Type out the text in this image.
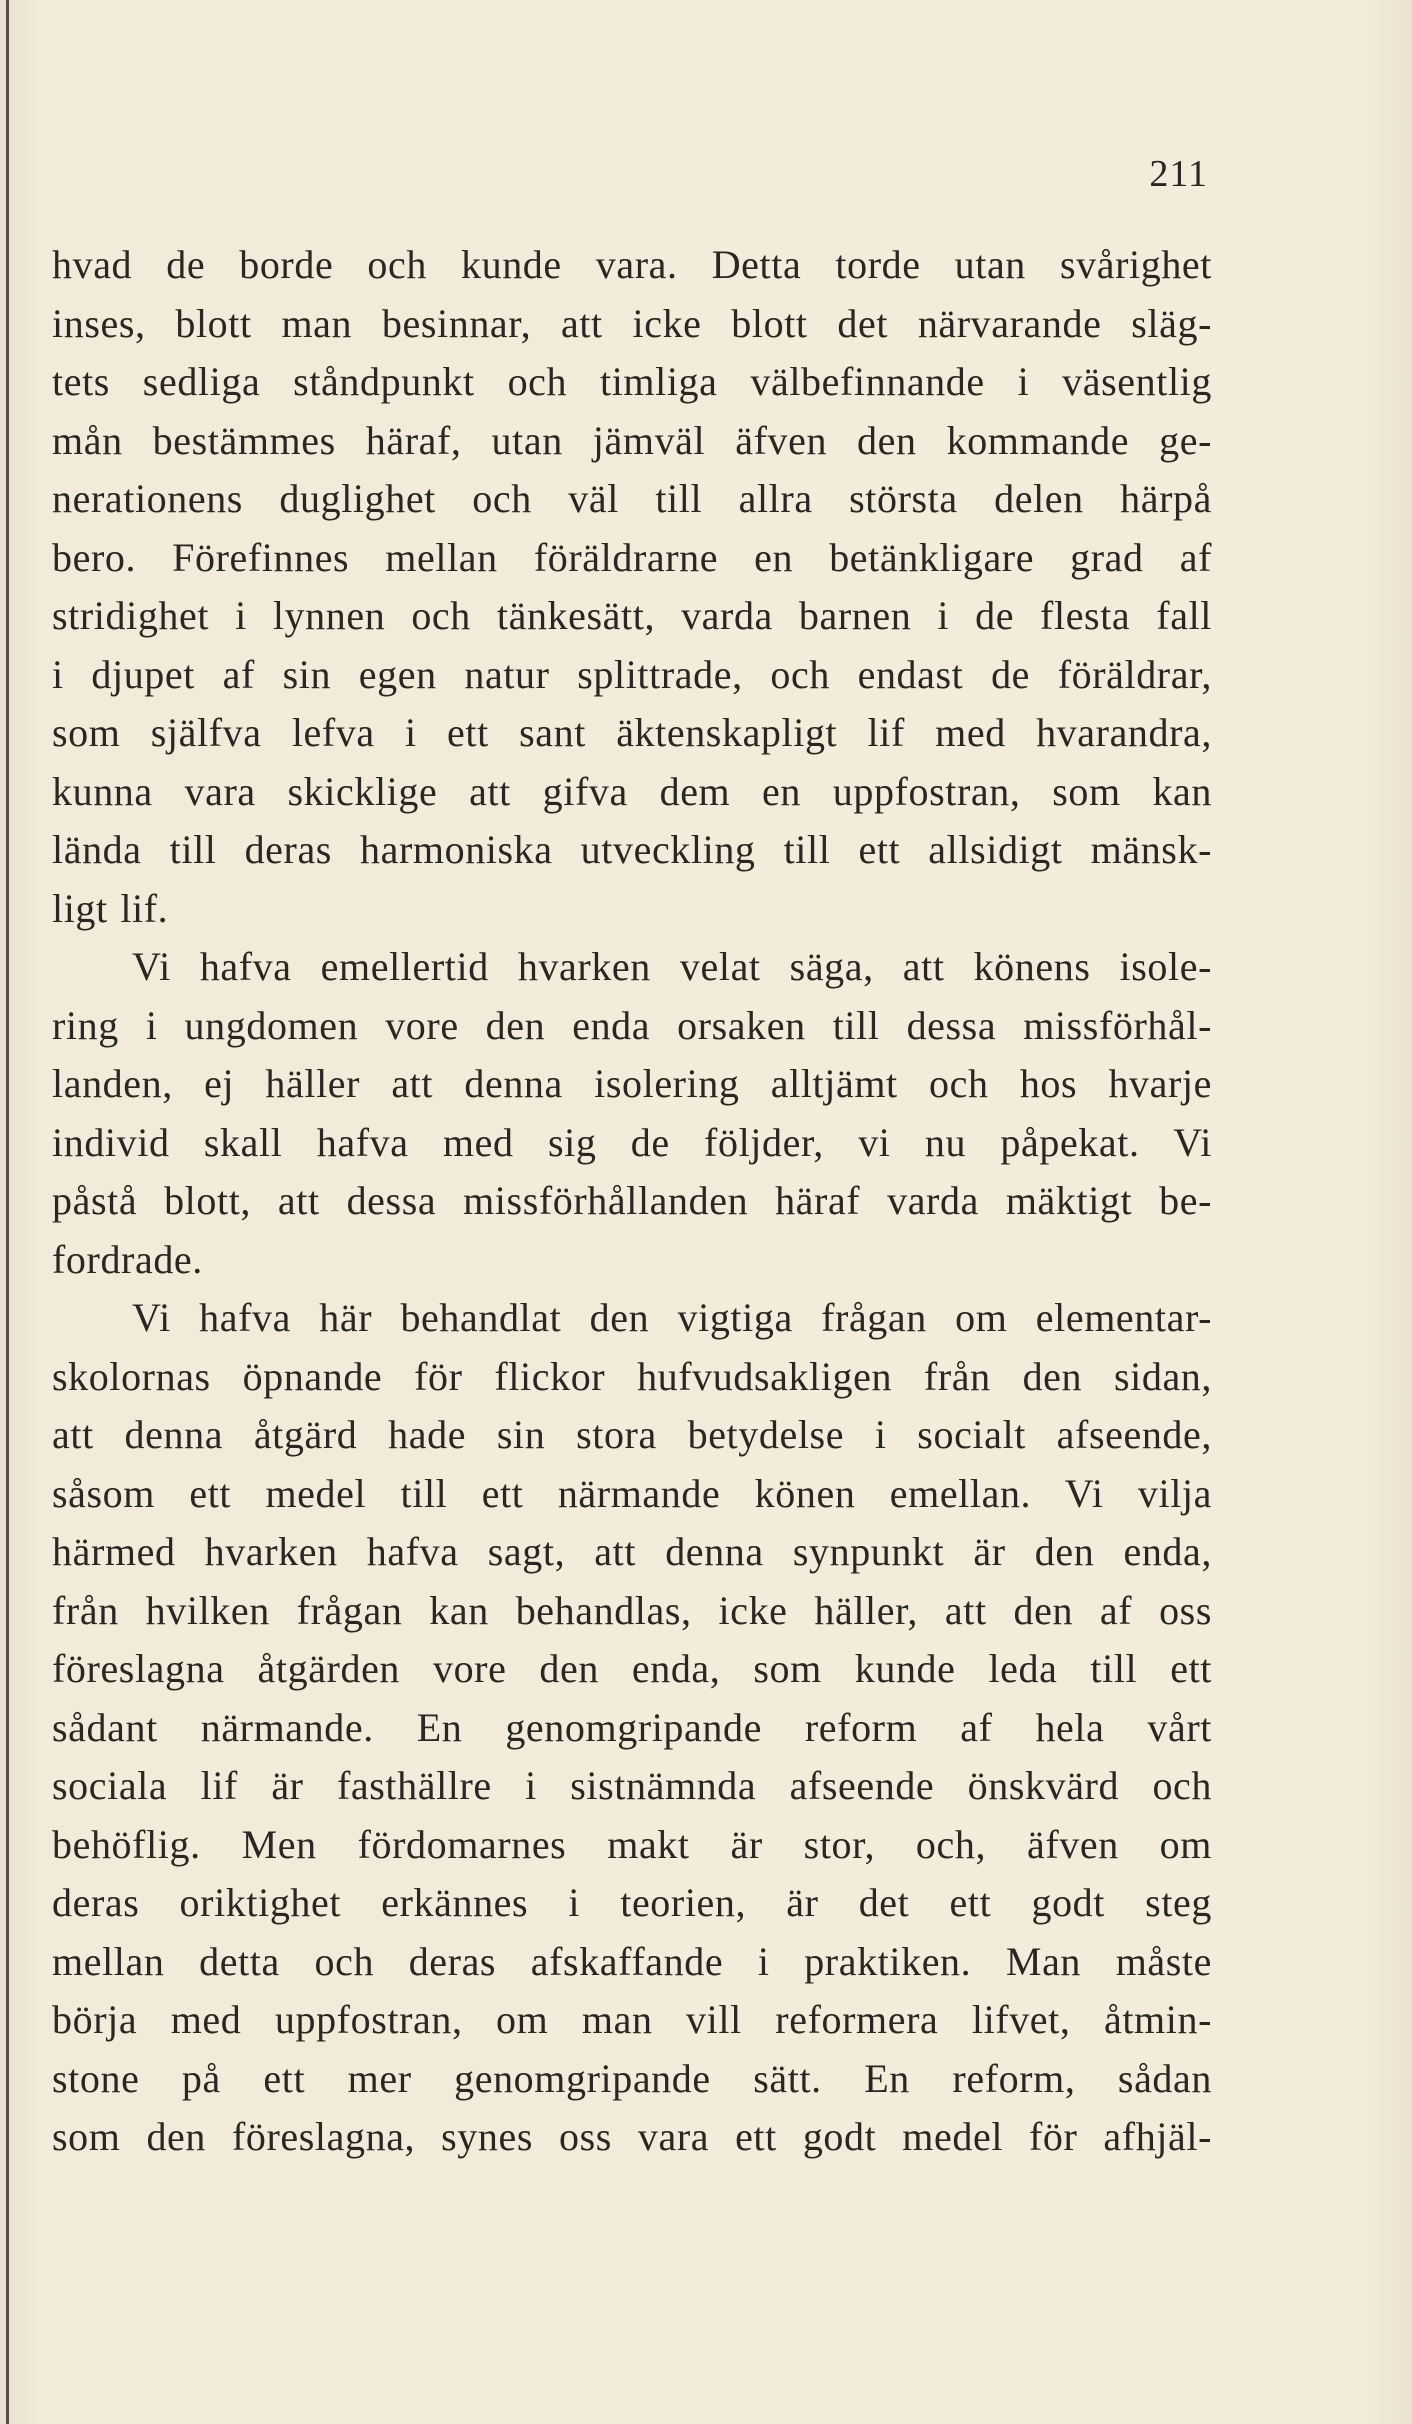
211
hvad de borde och kunde vara. Detta torde utan svårighet
inses, blott man besinnar, att icke blott det närvarande släg-
tets sedliga ståndpunkt och timliga välbefinnande i väsentlig
mån bestämmes häraf, utan jämväl äfven den kommande ge-
nerationens duglighet och väl till allra största delen härpå
bero. Förefinnes mellan föräldrarne en betänkligare grad af
stridighet i lynnen och tänkesätt, varda barnen i de flesta fall
i djupet af sin egen natur splittrade, och endast de föräldrar,
som själfva lefva i ett sant äktenskapligt lif med hvarandra,
kunna vara skicklige att gifva dem en uppfostran, som kan
lända till deras harmoniska utveckling till ett allsidigt mänsk-
ligt lif.
Vi hafva emellertid hvarken velat säga, att könens isole-
ring i ungdomen vore den enda orsaken till dessa missförhål-
landen, ej häller att denna isolering alltjämt och hos hvarje
individ skall hafva med sig de följder, vi nu påpekat. Vi
påstå blott, att dessa missförhållanden häraf varda mäktigt be-
fordrade.
Vi hafva här behandlat den vigtiga frågan om elementar-
skolornas öpnande för flickor hufvudsakligen från den sidan,
att denna åtgärd hade sin stora betydelse i socialt afseende,
såsom ett medel till ett närmande könen emellan. Vi vilja
härmed hvarken hafva sagt, att denna synpunkt är den enda,
från hvilken frågan kan behandlas, icke häller, att den af oss
föreslagna åtgärden vore den enda, som kunde leda till ett
sådant närmande. En genomgripande reform af hela vårt
sociala lif är fasthällre i sistnämnda afseende önskvärd och
behöflig. Men fördomarnes makt är stor, och, äfven om
deras oriktighet erkännes i teorien, är det ett godt steg
mellan detta och deras afskaffande i praktiken. Man måste
börja med uppfostran, om man vill reformera lifvet, åtmin-
stone på ett mer genomgripande sätt. En reform, sådan
som den föreslagna, synes oss vara ett godt medel för afhjäl-
